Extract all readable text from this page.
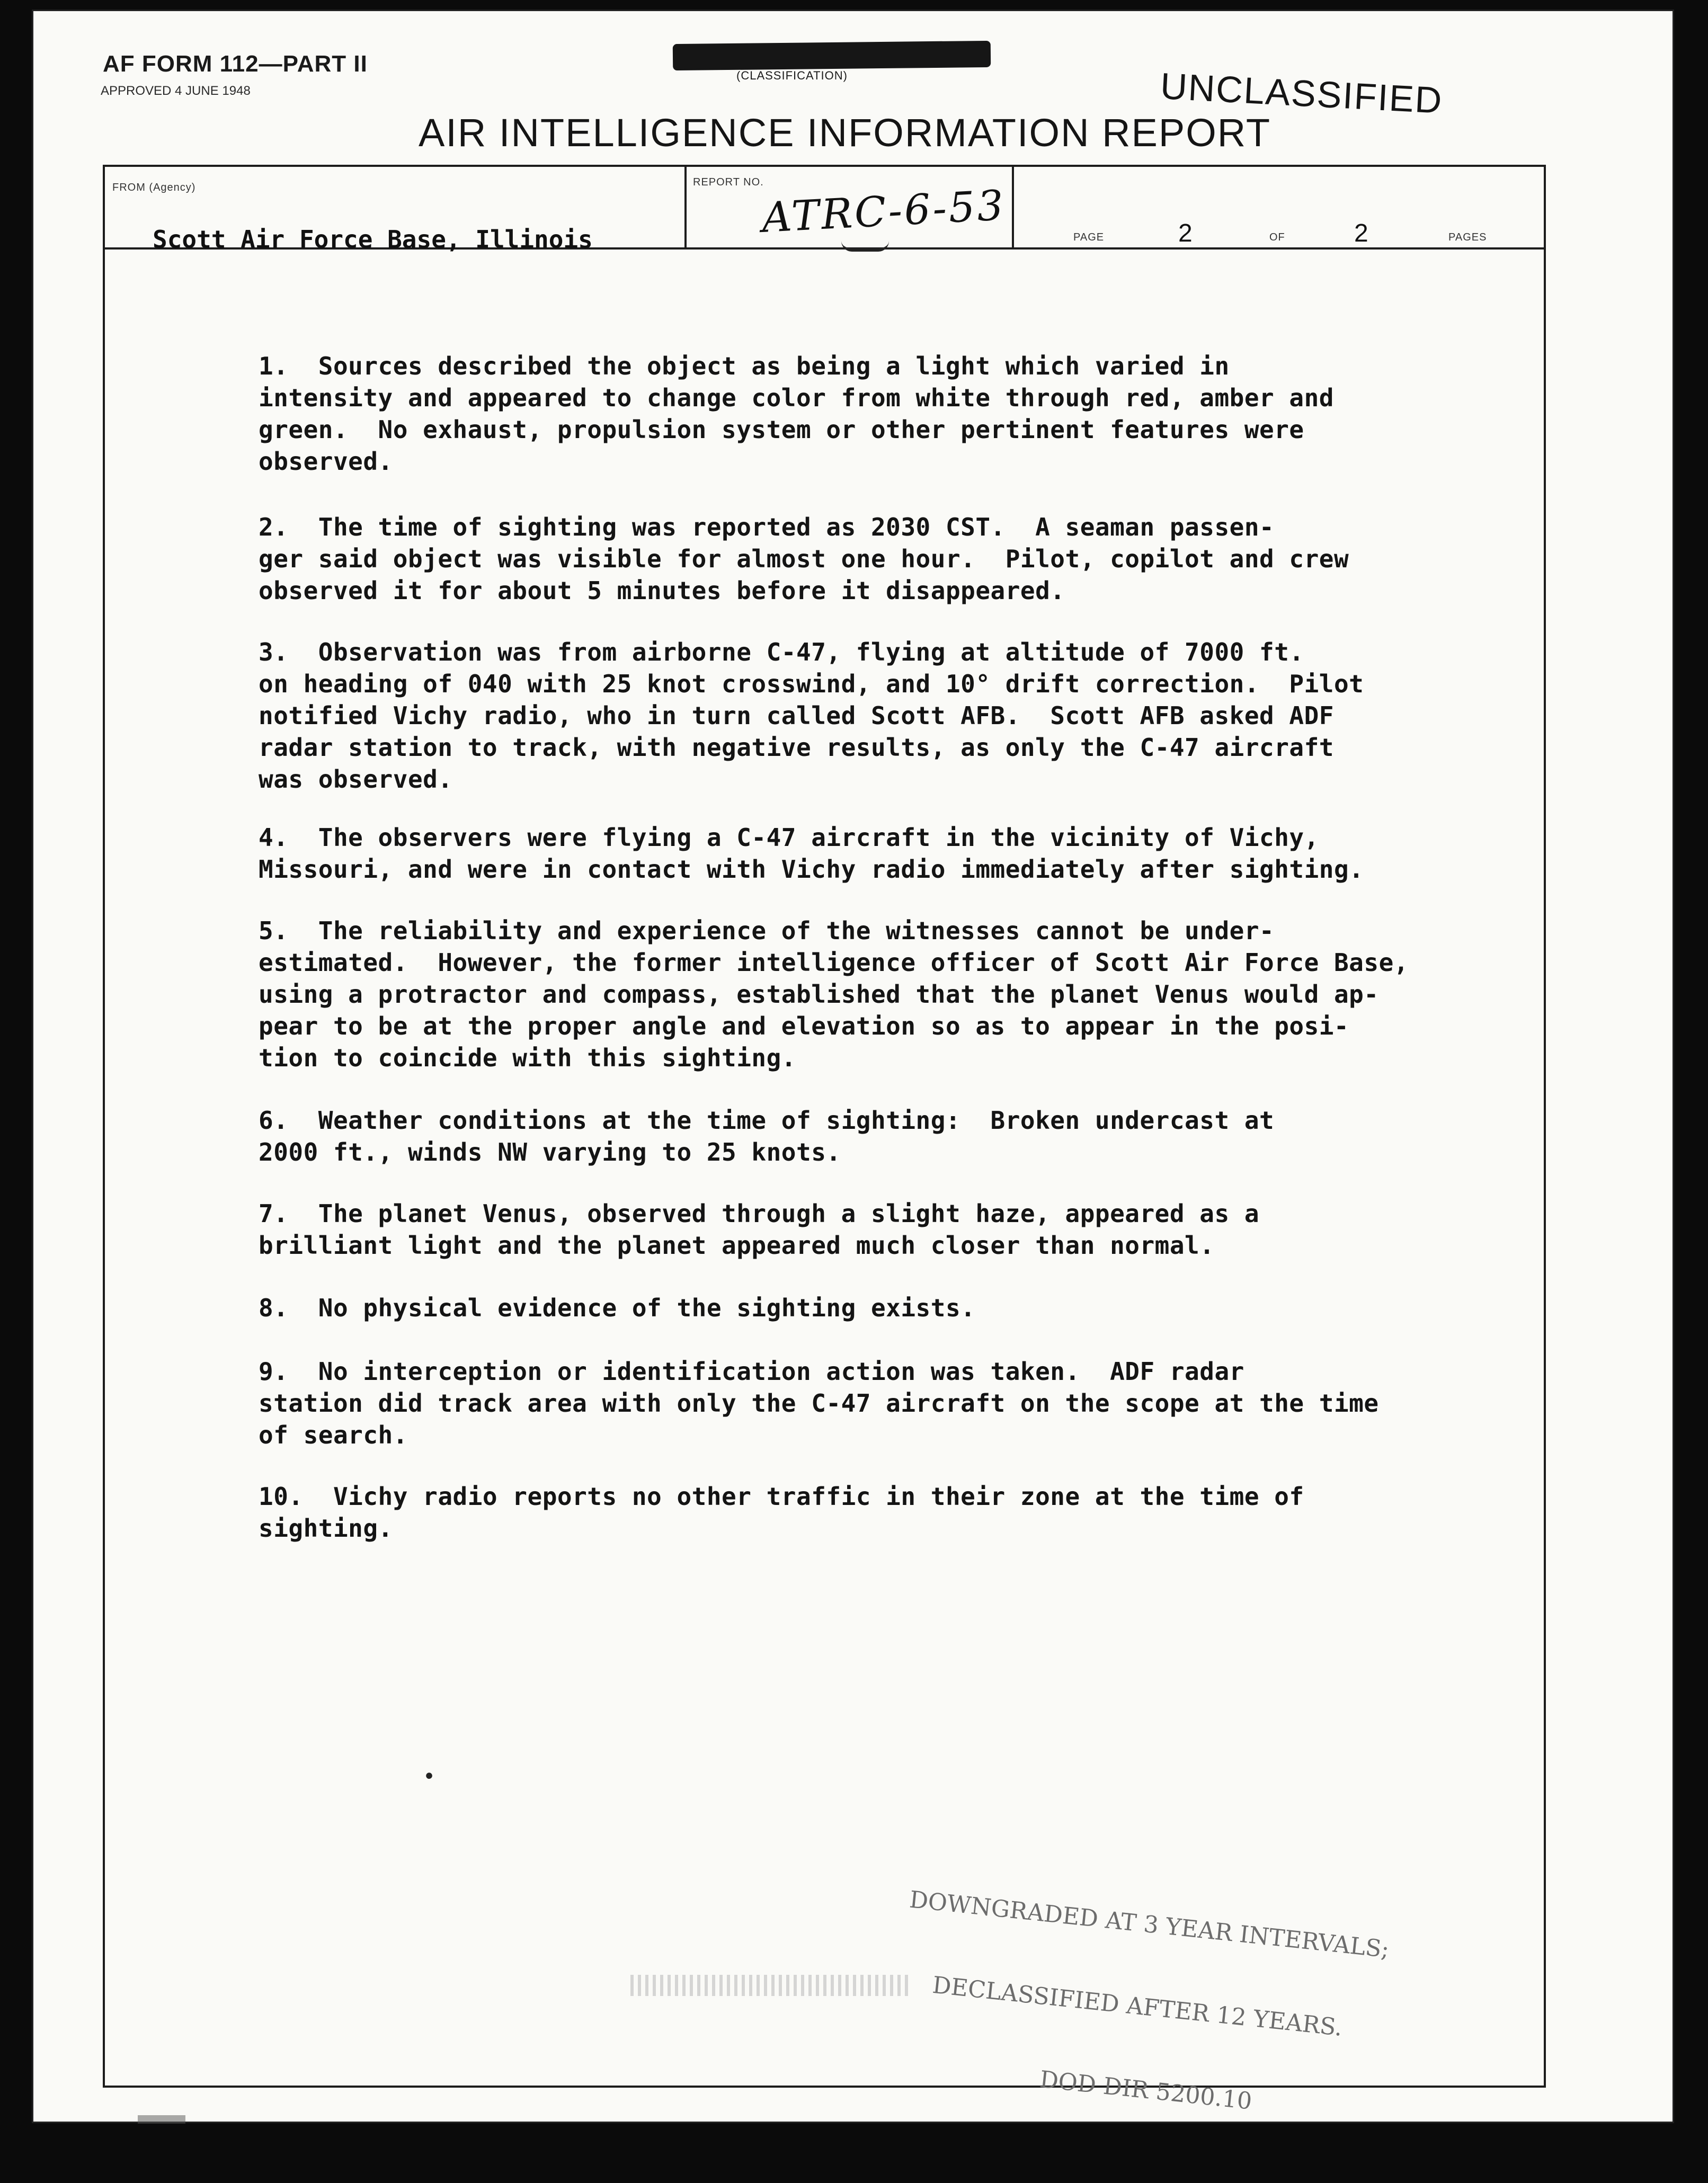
AF FORM 112—PART II
APPROVED 4 JUNE 1948
(CLASSIFICATION)	UNCLASSIFIED
AIR INTELLIGENCE INFORMATION REPORT
FROM (Agency)
Scott Air Force Base, Illinois
REPORT NO.
ATRC-6-53	PAGE	2	OF	2	PAGES
1.  Sources described the object as being a light which varied in
intensity and appeared to change color from white through red, amber and
green.  No exhaust, propulsion system or other pertinent features were
observed.
2.  The time of sighting was reported as 2030 CST.  A seaman passen-
ger said object was visible for almost one hour.  Pilot, copilot and crew
observed it for about 5 minutes before it disappeared.
3.  Observation was from airborne C-47, flying at altitude of 7000 ft.
on heading of 040 with 25 knot crosswind, and 10° drift correction.  Pilot
notified Vichy radio, who in turn called Scott AFB.  Scott AFB asked ADF
radar station to track, with negative results, as only the C-47 aircraft
was observed.
4.  The observers were flying a C-47 aircraft in the vicinity of Vichy,
Missouri, and were in contact with Vichy radio immediately after sighting.
5.  The reliability and experience of the witnesses cannot be under-
estimated.  However, the former intelligence officer of Scott Air Force Base,
using a protractor and compass, established that the planet Venus would ap-
pear to be at the proper angle and elevation so as to appear in the posi-
tion to coincide with this sighting.
6.  Weather conditions at the time of sighting:  Broken undercast at
2000 ft., winds NW varying to 25 knots.
7.  The planet Venus, observed through a slight haze, appeared as a
brilliant light and the planet appeared much closer than normal.
8.  No physical evidence of the sighting exists.
9.  No interception or identification action was taken.  ADF radar
station did track area with only the C-47 aircraft on the scope at the time
of search.
10.  Vichy radio reports no other traffic in their zone at the time of
sighting.
•

DOWNGRADED AT 3 YEAR INTERVALS;

DECLASSIFIED AFTER 12 YEARS.

DOD DIR 5200.10
